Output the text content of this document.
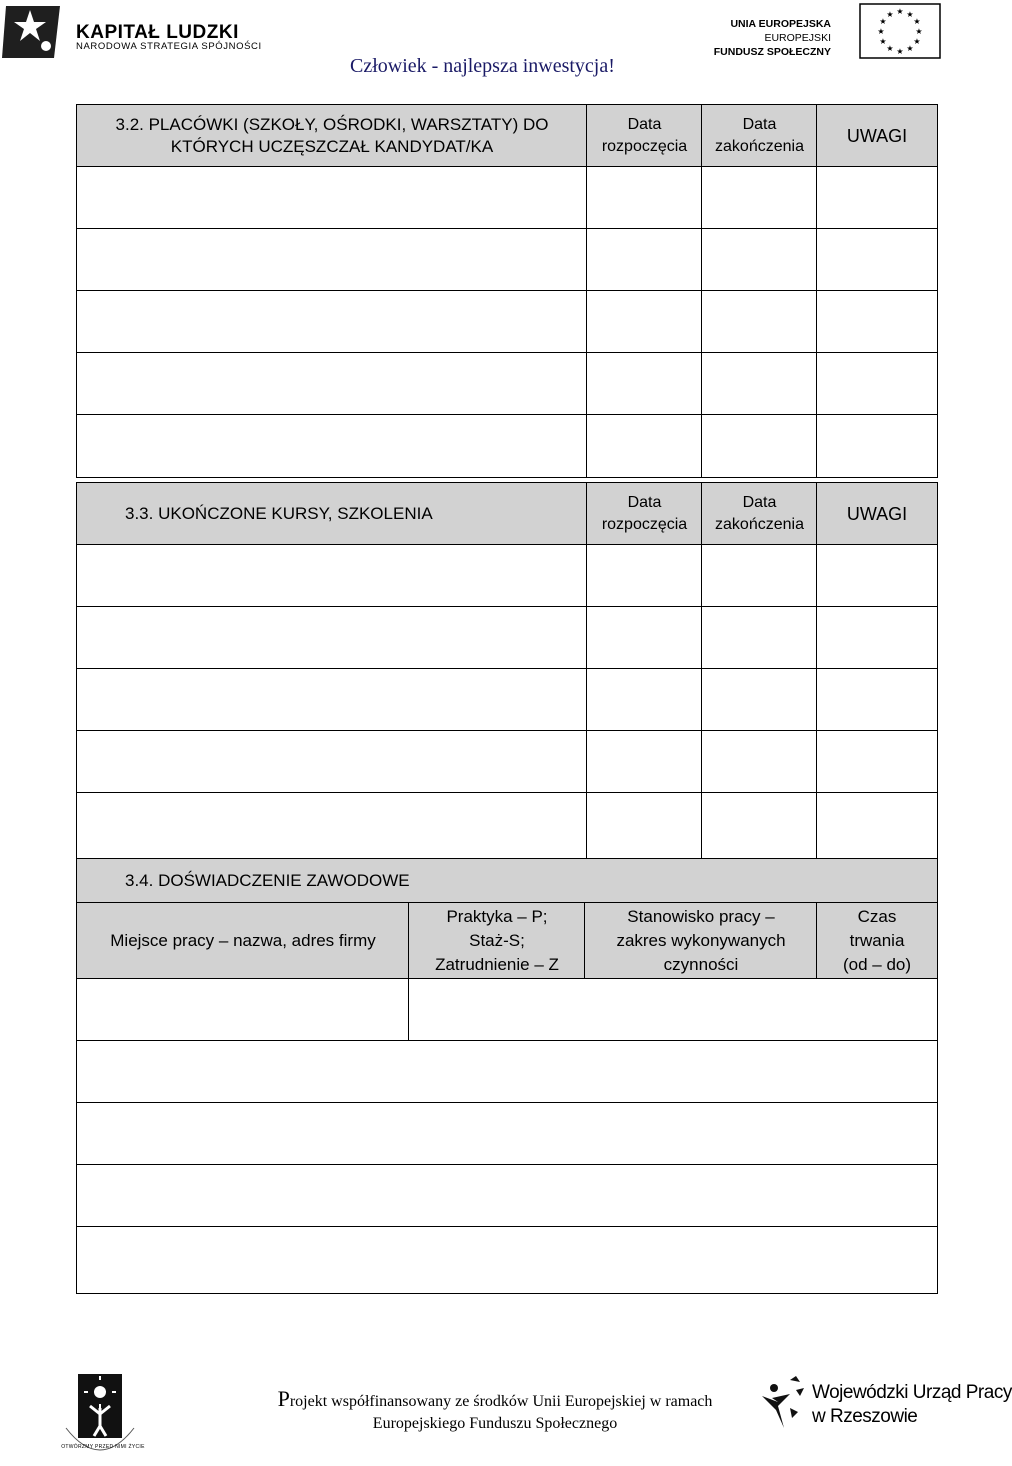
KAPITAŁ LUDZKI
NARODOWA STRATEGIA SPÓJNOŚCI
UNIA EUROPEJSKA
EUROPEJSKI
FUNDUSZ SPOŁECZNY
★ ★
★
★
★
★
★
★
★
★
★
★
Człowiek - najlepsza inwestycja!
3.2. PLACÓWKI (SZKOŁY, OŚRODKI, WARSZTATY) DO
KTÓRYCH UCZĘSZCZAŁ KANDYDAT/KA
Data
rozpoczęcia
Data
zakończenia
UWAGI
3.3. UKOŃCZONE KURSY, SZKOLENIA
Data
rozpoczęcia
Data
zakończenia
UWAGI
3.4. DOŚWIADCZENIE ZAWODOWE
Miejsce pracy – nazwa, adres firmy
Praktyka – P;
Staż-S;
Zatrudnienie – Z
Stanowisko pracy –
zakres wykonywanych
czynności
Czas
trwania
(od – do)
OTWÓRZMY PRZED NIMI ŻYCIE
Projekt współfinansowany ze środków Unii Europejskiej w ramach
Europejskiego Funduszu Społecznego
Wojewódzki Urząd Pracy
w Rzeszowie
